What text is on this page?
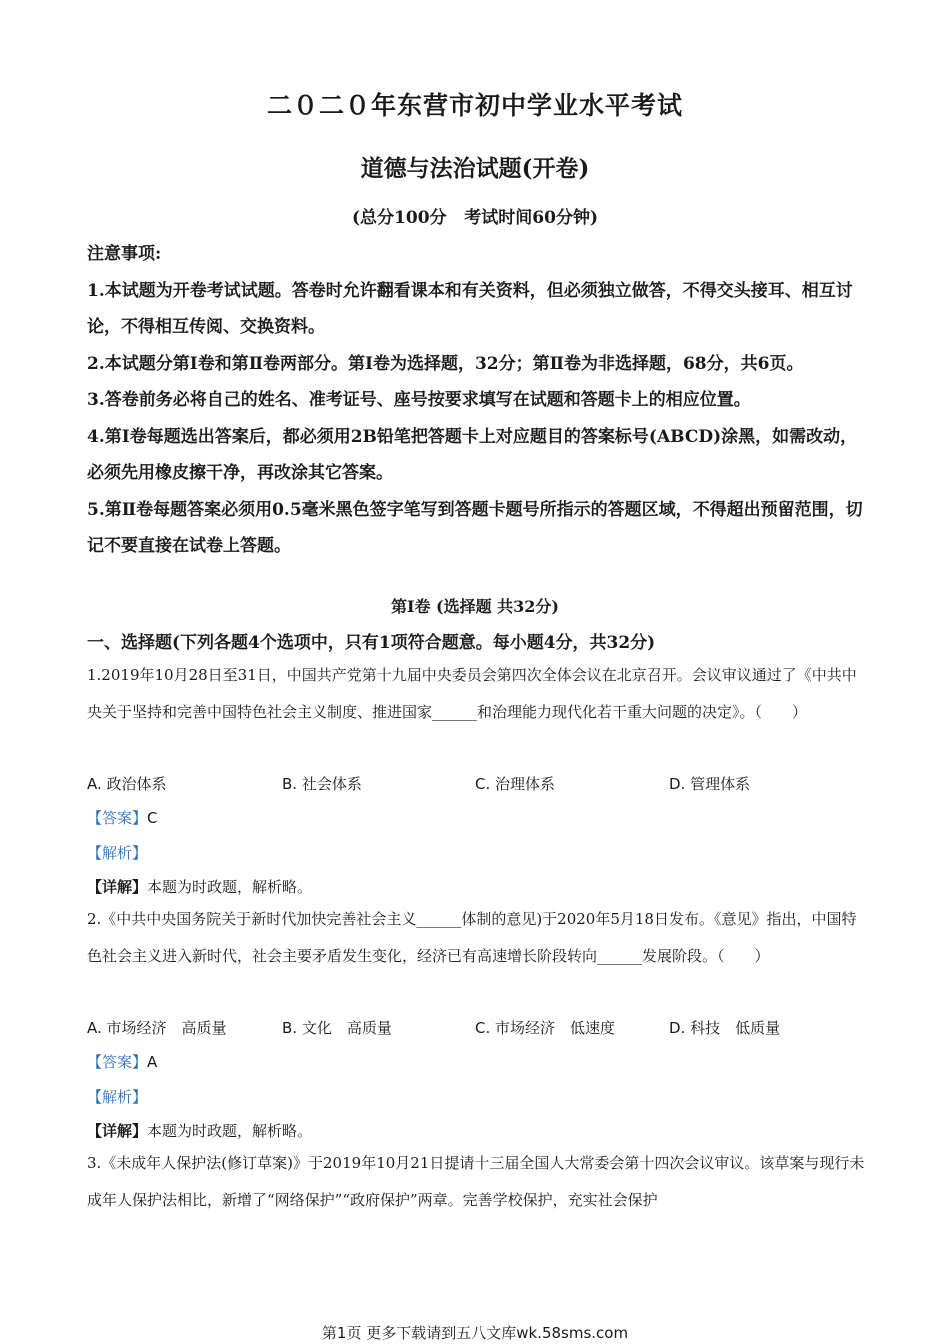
二０二０年东营市初中学业水平考试
道德与法治试题(开卷)
(总分100分   考试时间60分钟)

注意事项:

1.本试题为开卷考试试题。答卷时允许翻看课本和有关资料，但必须独立做答，不得交头接耳、相互讨论，不得相互传阅、交换资料。

2.本试题分第Ⅰ卷和第Ⅱ卷两部分。第Ⅰ卷为选择题，32分；第Ⅱ卷为非选择题，68分，共6页。

3.答卷前务必将自己的姓名、准考证号、座号按要求填写在试题和答题卡上的相应位置。

4.第Ⅰ卷每题选出答案后，都必须用2B铅笔把答题卡上对应题目的答案标号(ABCD)涂黑，如需改动，必须先用橡皮擦干净，再改涂其它答案。

5.第Ⅱ卷每题答案必须用0.5毫米黑色签字笔写到答题卡题号所指示的答题区域，不得超出预留范围，切记不要直接在试卷上答题。

第Ⅰ卷 (选择题 共32分)
一、选择题(下列各题4个选项中，只有1项符合题意。每小题4分，共32分)

1.2019年10月28日至31日，中国共产党第十九届中央委员会第四次全体会议在北京召开。会议审议通过了《中共中央关于坚持和完善中国特色社会主义制度、推进国家______和治理能力现代化若干重大问题的决定》。（　　）

A. 政治体系	B. 社会体系	C. 治理体系	D. 管理体系
【答案】C
【解析】
【详解】本题为时政题，解析略。

2.《中共中央国务院关于新时代加快完善社会主义______体制的意见)于2020年5月18日发布。《意见》指出，中国特色社会主义进入新时代，社会主要矛盾发生变化，经济已有高速增长阶段转向______发展阶段。（　　）

A. 市场经济　高质量	B. 文化　高质量	C. 市场经济　低速度	D. 科技　低质量
【答案】A
【解析】
【详解】本题为时政题，解析略。

3.《未成年人保护法(修订草案)》于2019年10月21日提请十三届全国人大常委会第十四次会议审议。该草案与现行未成年人保护法相比，新增了“网络保护”“政府保护”两章。完善学校保护，充实社会保护

第1页 更多下载请到五八文库wk.58sms.com
